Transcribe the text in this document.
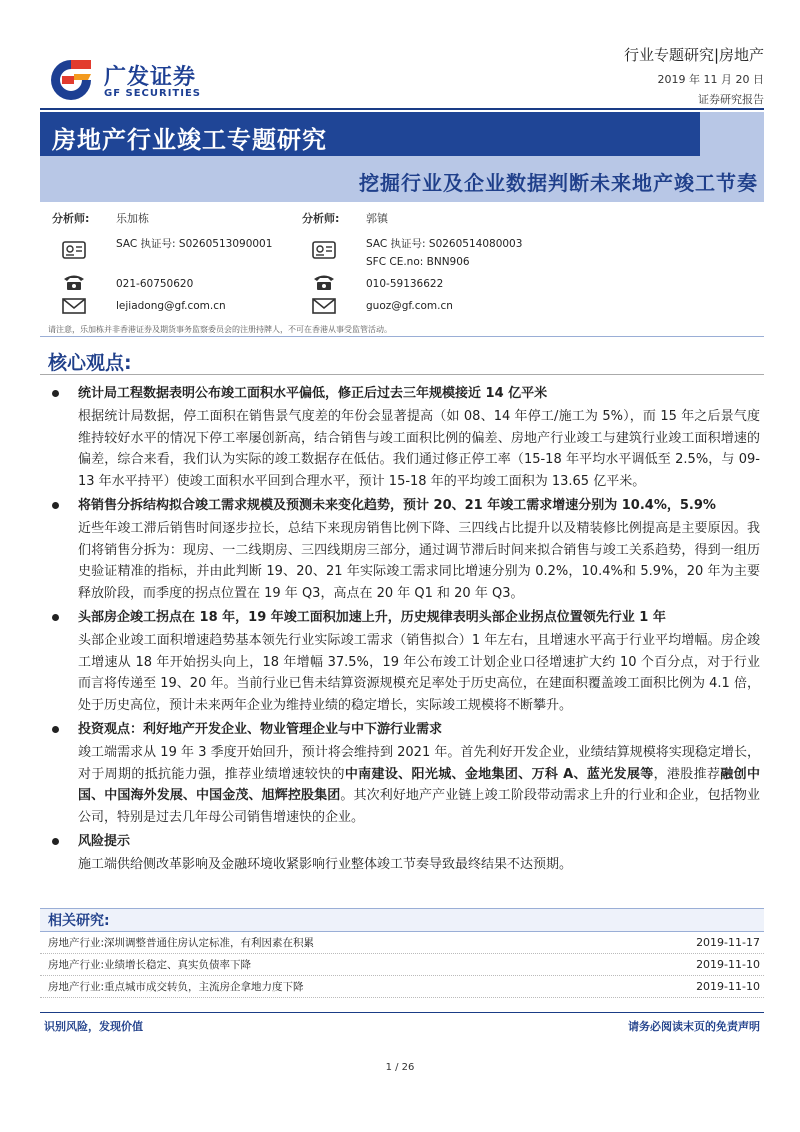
广发证券
GF SECURITIES
行业专题研究|房地产
2019 年 11 月 20 日
证券研究报告
房地产行业竣工专题研究
挖掘行业及企业数据判断未来地产竣工节奏
分析师: 乐加栋
SAC 执证号: S0260513090001
021-60750620
lejiadong@gf.com.cn
分析师: 郭镇
SAC 执证号: S0260514080003
SFC CE.no: BNN906
010-59136622
guoz@gf.com.cn
请注意，乐加栋并非香港证券及期货事务监察委员会的注册持牌人，不可在香港从事受监管活动。
核心观点:
统计局工程数据表明公布竣工面积水平偏低，修正后过去三年规模接近 14 亿平米
根据统计局数据，停工面积在销售景气度差的年份会显著提高（如 08、14 年停工/施工为 5%），而 15 年之后景气度维持较好水平的情况下停工率屡创新高，结合销售与竣工面积比例的偏差、房地产行业竣工与建筑行业竣工面积增速的偏差，综合来看，我们认为实际的竣工数据存在低估。我们通过修正停工率（15-18 年平均水平调低至 2.5%，与 09-13 年水平持平）使竣工面积水平回到合理水平，预计 15-18 年的平均竣工面积为 13.65 亿平米。
将销售分拆结构拟合竣工需求规模及预测未来变化趋势，预计 20、21 年竣工需求增速分别为 10.4%，5.9%
近些年竣工滞后销售时间逐步拉长，总结下来现房销售比例下降、三四线占比提升以及精装修比例提高是主要原因。我们将销售分拆为：现房、一二线期房、三四线期房三部分，通过调节滞后时间来拟合销售与竣工关系趋势，得到一组历史验证精准的指标，并由此判断 19、20、21 年实际竣工需求同比增速分别为 0.2%，10.4%和 5.9%，20 年为主要释放阶段，而季度的拐点位置在 19 年 Q3，高点在 20 年 Q1 和 20 年 Q3。
头部房企竣工拐点在 18 年，19 年竣工面积加速上升，历史规律表明头部企业拐点位置领先行业 1 年
头部企业竣工面积增速趋势基本领先行业实际竣工需求（销售拟合）1 年左右，且增速水平高于行业平均增幅。房企竣工增速从 18 年开始拐头向上，18 年增幅 37.5%，19 年公布竣工计划企业口径增速扩大约 10 个百分点，对于行业而言将传递至 19、20 年。当前行业已售未结算资源规模充足率处于历史高位，在建面积覆盖竣工面积比例为 4.1 倍，处于历史高位，预计未来两年企业为维持业绩的稳定增长，实际竣工规模将不断攀升。
投资观点：利好地产开发企业、物业管理企业与中下游行业需求
竣工端需求从 19 年 3 季度开始回升，预计将会维持到 2021 年。首先利好开发企业，业绩结算规模将实现稳定增长，对于周期的抵抗能力强，推荐业绩增速较快的中南建设、阳光城、金地集团、万科 A、蓝光发展等，港股推荐融创中国、中国海外发展、中国金茂、旭辉控股集团。其次利好地产产业链上竣工阶段带动需求上升的行业和企业，包括物业公司，特别是过去几年母公司销售增速快的企业。
风险提示
施工端供给侧改革影响及金融环境收紧影响行业整体竣工节奏导致最终结果不达预期。
相关研究:
房地产行业:深圳调整普通住房认定标准，有利因素在积累	2019-11-17
房地产行业:业绩增长稳定、真实负债率下降	2019-11-10
房地产行业:重点城市成交转负，主流房企拿地力度下降	2019-11-10
识别风险，发现价值	请务必阅读末页的免责声明
1 / 26
